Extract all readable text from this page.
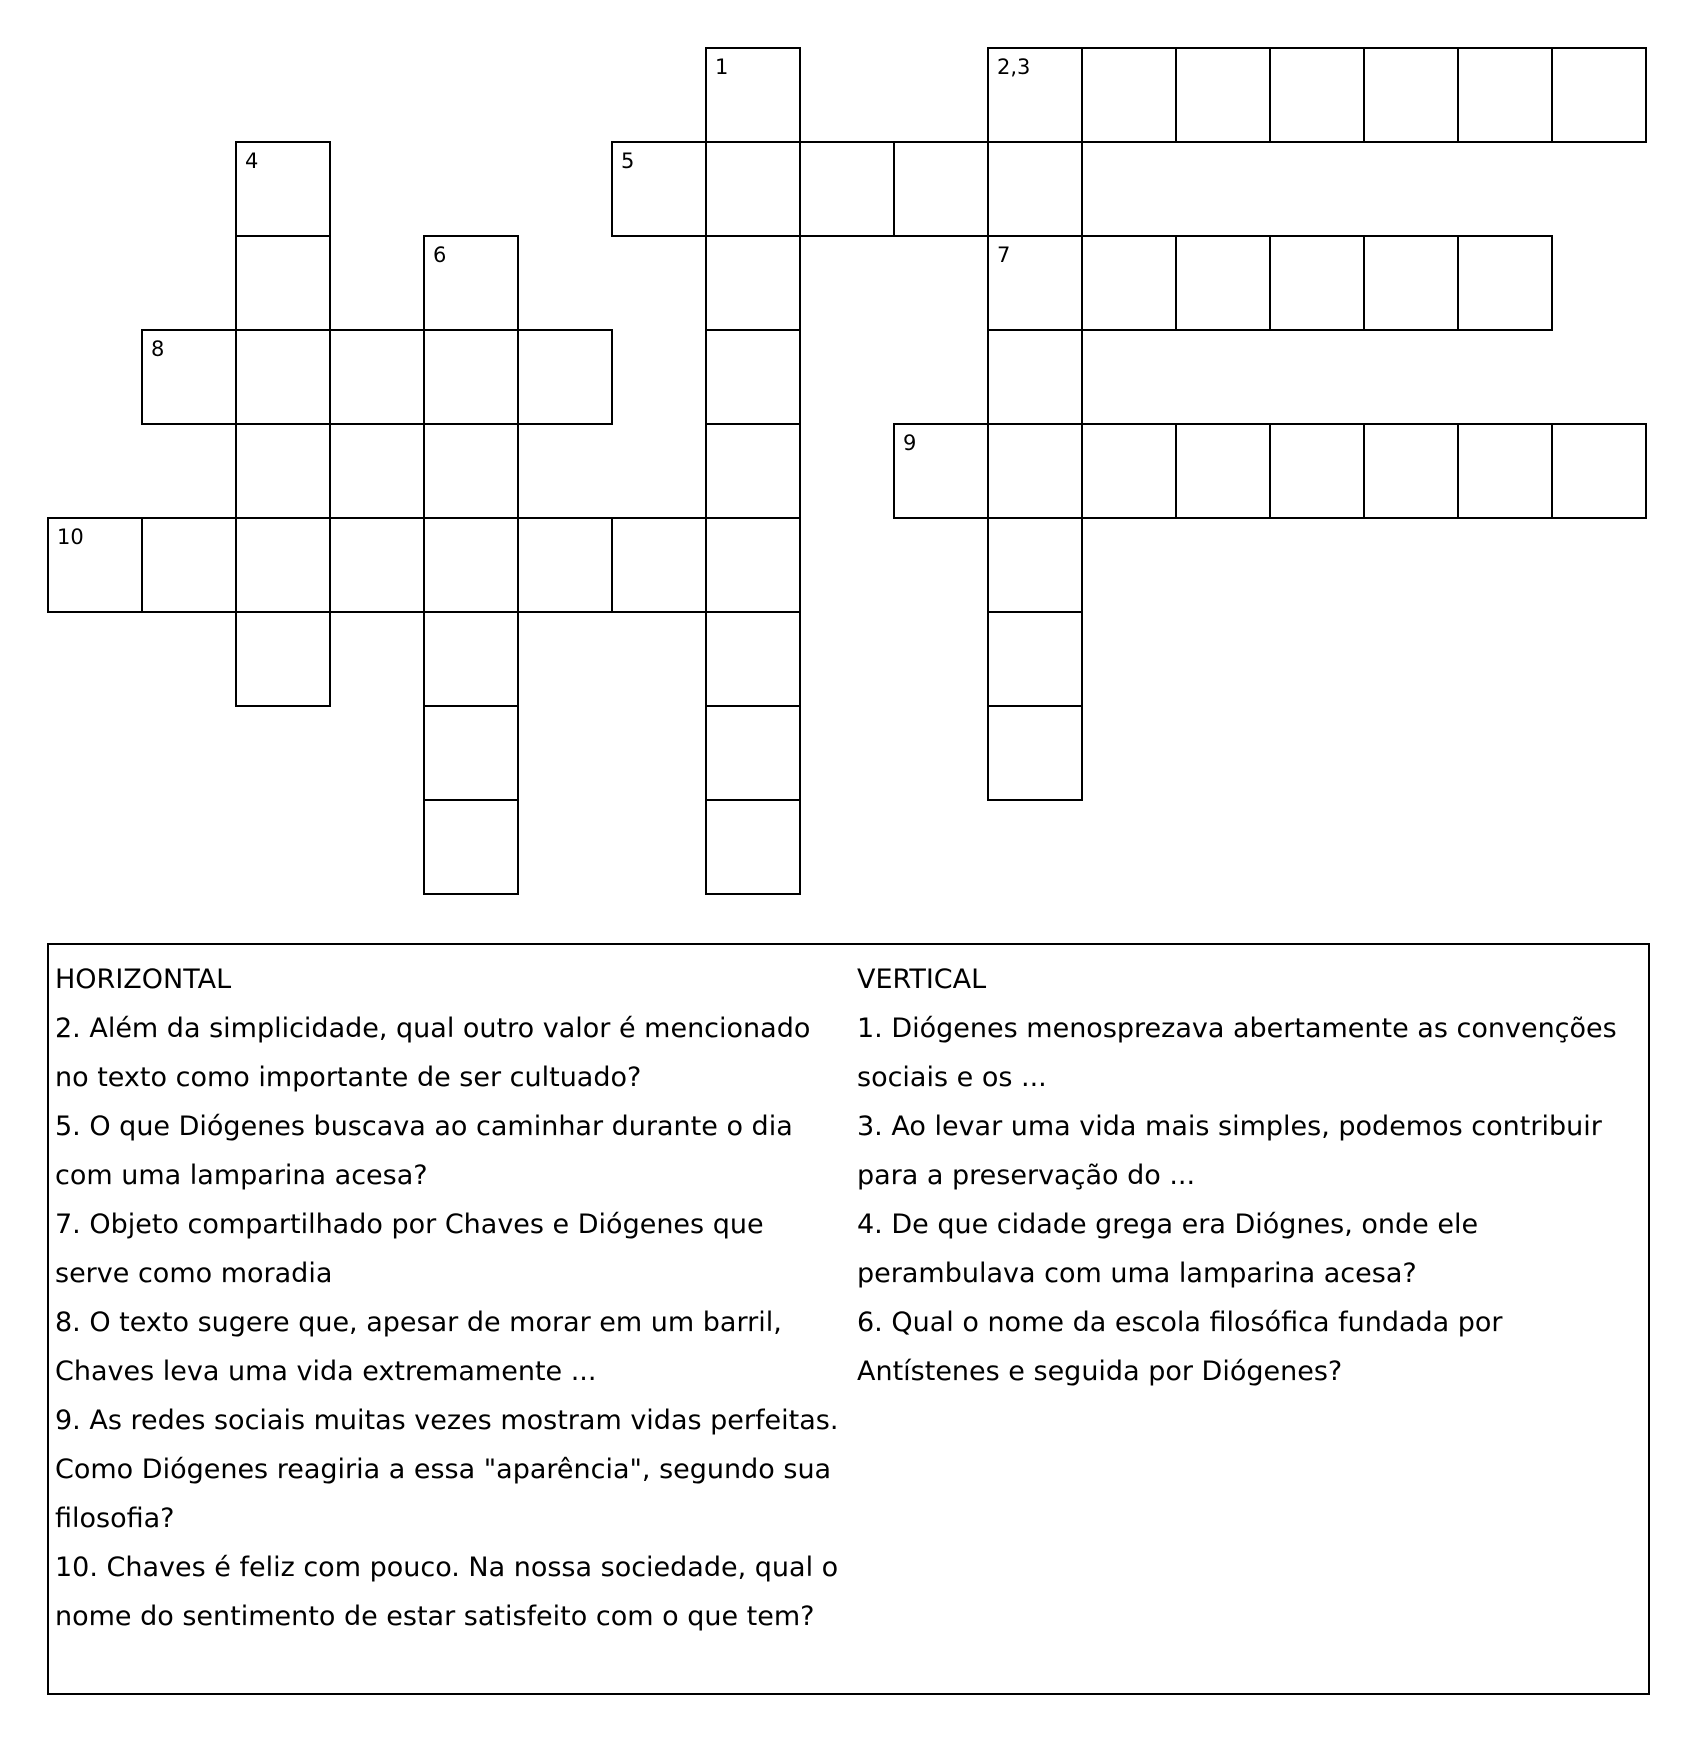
1	2,3
4	5
6	7
8
9
10

HORIZONTAL

2. Além da simplicidade, qual outro valor é mencionado no texto como importante de ser cultuado?

5. O que Diógenes buscava ao caminhar durante o dia com uma lamparina acesa?

7. Objeto compartilhado por Chaves e Diógenes que serve como moradia

8. O texto sugere que, apesar de morar em um barril, Chaves leva uma vida extremamente ...

9. As redes sociais muitas vezes mostram vidas perfeitas. Como Diógenes reagiria a essa "aparência", segundo sua filosofia?

10. Chaves é feliz com pouco. Na nossa sociedade, qual o nome do sentimento de estar satisfeito com o que tem?

VERTICAL

1. Diógenes menosprezava abertamente as convenções sociais e os ...

3. Ao levar uma vida mais simples, podemos contribuir para a preservação do ...

4. De que cidade grega era Diógnes, onde ele perambulava com uma lamparina acesa?

6. Qual o nome da escola filosófica fundada por Antístenes e seguida por Diógenes?
